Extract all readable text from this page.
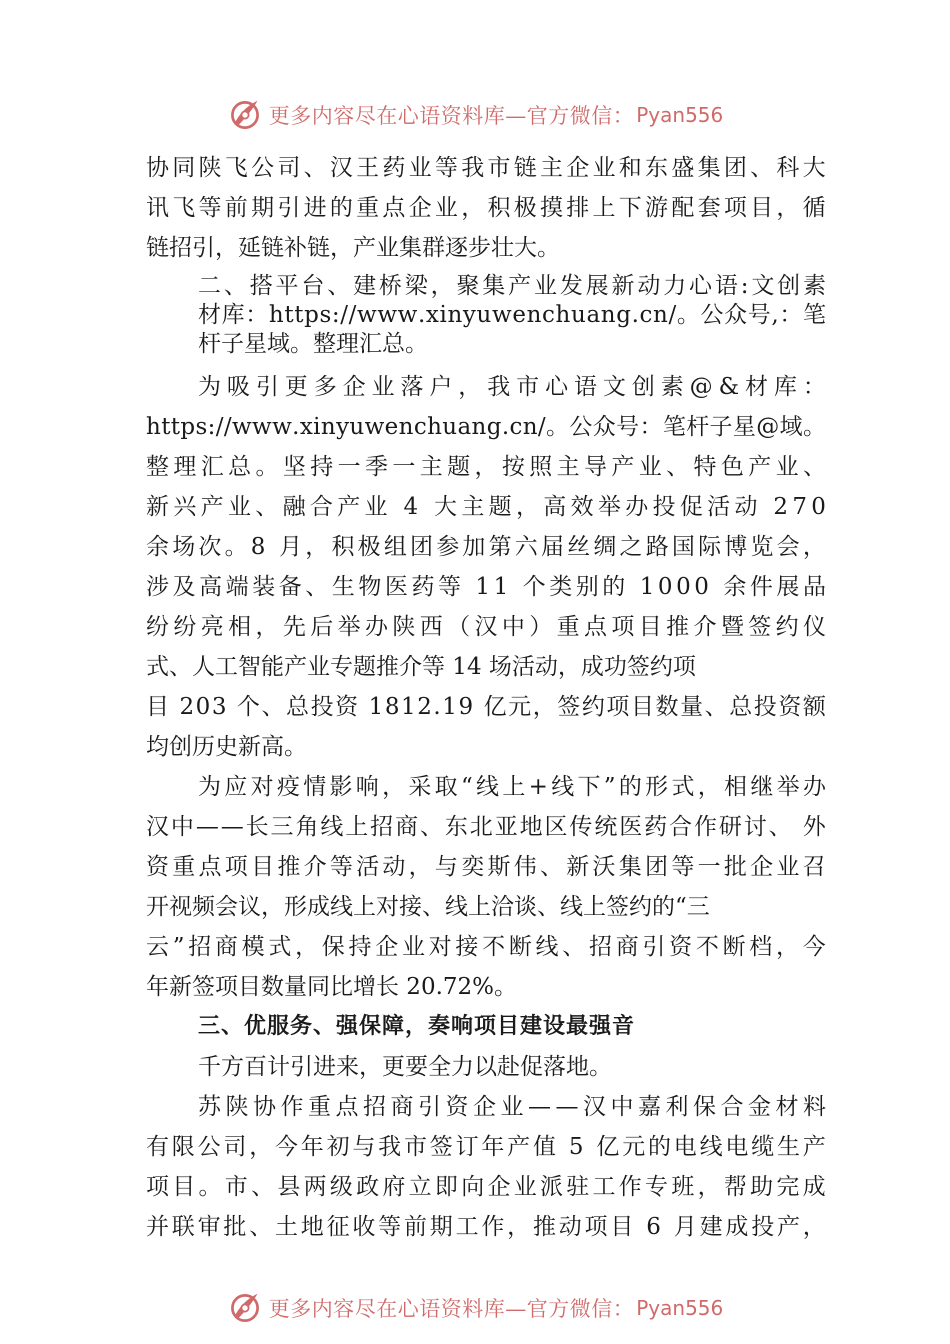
更多内容尽在心语资料库—官方微信： Pyan556
协 同 陕 飞 公 司 、 汉 王 药 业 等 我 市 链 主 企 业 和 东 盛 集 团 、 科 大
讯 飞 等 前 期 引 进 的 重 点 企 业 ， 积 极 摸 排 上 下 游 配 套 项 目 ， 循
链招引，延链补链，产业集群逐步壮大。
二 、 搭 平 台 、 建 桥 梁 ， 聚 集 产 业 发 展 新 动 力 心 语 : 文 创 素
材 库 ： h t t p s : / / w w w . x i n y u w e n c h u a n g . c n / 。 公 众 号 , ： 笔
杆子星域。整理汇总。
为 吸 引 更 多 企 业 落 户 ， 我 市 心 语 文 创 素 @ & 材 库 ：
h t t p s : / / w w w . x i n y u w e n c h u a n g . c n / 。 公 众 号 ： 笔 杆 子 星 @ 域 。
整 理 汇 总 。 坚 持 一 季 一 主 题 ， 按 照 主 导 产 业 、 特 色 产 业 、
新 兴 产 业 、 融 合 产 业
4
大 主 题 ， 高 效 举 办 投 促 活 动
2 7 0
余 场 次 。 8
月 ， 积 极 组 团 参 加 第 六 届 丝 绸 之 路 国 际 博 览 会 ，
涉 及 高 端 装 备 、 生 物 医 药 等
1 1
个 类 别 的
1 0 0 0
余 件 展 品
纷 纷 亮 相 ， 先 后 举 办 陕 西 （ 汉 中 ） 重 点 项 目 推 介 暨 签 约 仪
式、人工智能产业专题推介等 14 场活动，成功签约项
目
2 0 3
个 、 总 投 资
1 8 1 2 . 1 9
亿 元 ， 签 约 项 目 数 量 、 总 投 资 额
均创历史新高。
为 应 对 疫 情 影 响 ， 采 取 “ 线 上 + 线 下 ” 的 形 式 ， 相 继 举 办
汉 中 — — 长 三 角 线 上 招 商 、 东 北 亚 地 区 传 统 医 药 合 作 研 讨 、
外
资 重 点 项 目 推 介 等 活 动 ， 与 奕 斯 伟 、 新 沃 集 团 等 一 批 企 业 召
开视频会议，形成线上对接、线上洽谈、线上签约的“三
云 ” 招 商 模 式 ， 保 持 企 业 对 接 不 断 线 、 招 商 引 资 不 断 档 ， 今
年新签项目数量同比增长 20.72%。
三、优服务、强保障，奏响项目建设最强音
千方百计引进来，更要全力以赴促落地。
苏 陕 协 作 重 点 招 商 引 资 企 业 — — 汉 中 嘉 利 保 合 金 材 料
有 限 公 司 ， 今 年 初 与 我 市 签 订 年 产 值
5
亿 元 的 电 线 电 缆 生 产
项 目 。 市 、 县 两 级 政 府 立 即 向 企 业 派 驻 工 作 专 班 ， 帮 助 完 成
并 联 审 批 、 土 地 征 收 等 前 期 工 作 ， 推 动 项 目
6
月 建 成 投 产 ，
更多内容尽在心语资料库—官方微信： Pyan556
